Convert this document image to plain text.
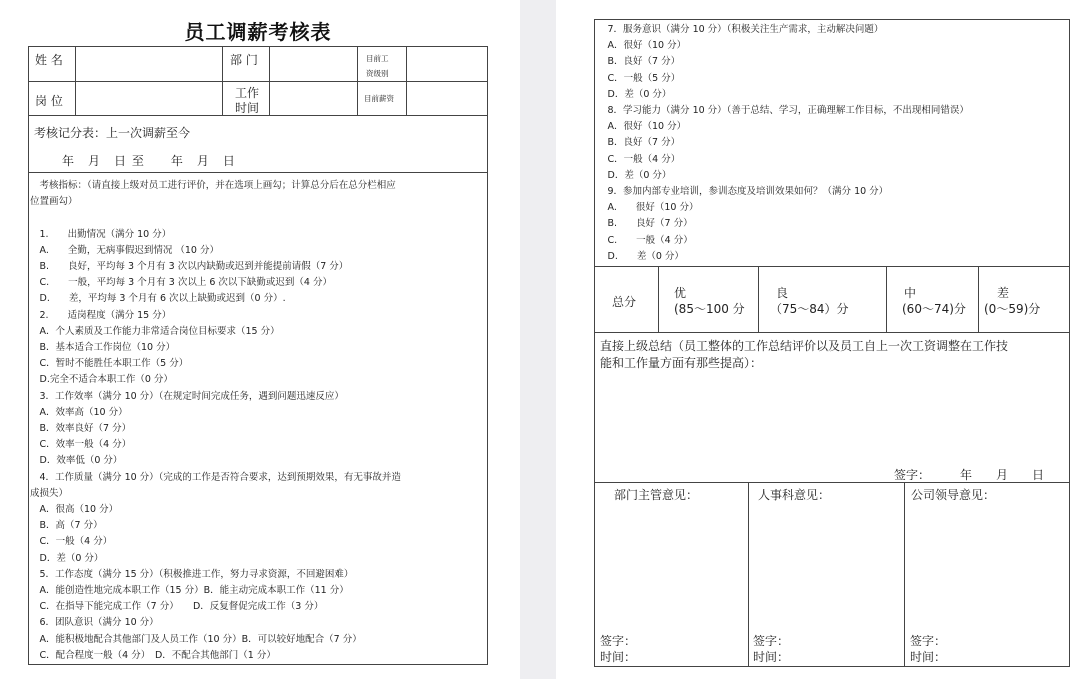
员工调薪考核表
姓 名	部 门	目前工
资级别
岗 位
工作
时间
目前薪资
考核记分表：上一次调薪至今
年　月　日 至　　年　月　日
　考核指标：（请直接上级对员工进行评价，并在选项上画勾；计算总分后在总分栏相应
位置画勾）
　1.　　出勤情况（满分 10 分）
　A.　　全勤，无病事假迟到情况 （10 分）
　B.　　良好，平均每 3 个月有 3 次以内缺勤或迟到并能提前请假（7 分）
　C.　　一般，平均每 3 个月有 3 次以上 6 次以下缺勤或迟到（4 分）
　D.　　差，平均每 3 个月有 6 次以上缺勤或迟到（0 分）.
　2.　　适岗程度（满分 15 分）
　A．个人素质及工作能力非常适合岗位目标要求（15 分）
　B．基本适合工作岗位（10 分）
　C．暂时不能胜任本职工作（5 分）
　D.完全不适合本职工作（0 分）
　3．工作效率（满分 10 分）（在规定时间完成任务，遇到问题迅速反应）
　A．效率高（10 分）
　B．效率良好（7 分）
　C．效率一般（4 分）
　D．效率低（0 分）
　4．工作质量（满分 10 分）（完成的工作是否符合要求，达到预期效果，有无事故并造
成损失）
　A．很高（10 分）
　B．高（7 分）
　C．一般（4 分）
　D．差（0 分）
　5．工作态度（满分 15 分）（积极推进工作，努力寻求资源，不回避困难）
　A．能创造性地完成本职工作（15 分）B．能主动完成本职工作（11 分）
　C．在指导下能完成工作（7 分）　　D．反复督促完成工作（3 分）
　6．团队意识（满分 10 分）
　A．能积极地配合其他部门及人员工作（10 分）B．可以较好地配合（7 分）
　C．配合程度一般（4 分）　D．不配合其他部门（1 分）
　7．服务意识（满分 10 分）（积极关注生产需求，主动解决问题）
　A．很好（10 分）
　B．良好（7 分）
　C．一般（5 分）
　D．差（0 分）
　8．学习能力（满分 10 分）（善于总结、学习，正确理解工作目标，不出现相同错误）
　A．很好（10 分）
　B．良好（7 分）
　C．一般（4 分）
　D．差（0 分）
　9．参加内部专业培训，参训态度及培训效果如何？（满分 10 分）
　A.　　很好（10 分）
　B.　　良好（7 分）
　C.　　一般（4 分）
　D.　　差（0 分）
总分
优
(85～100 分
良
（75～84）分
中
(60～74)分
差
(0～59)分
直接上级总结（员工整体的工作总结评价以及员工自上一次工资调整在工作技
能和工作量方面有那些提高）：
签字：　　　年　　月　　日
部门主管意见：
签字：
时间：
人事科意见：
签字：
时间：
公司领导意见：
签字：
时间：
